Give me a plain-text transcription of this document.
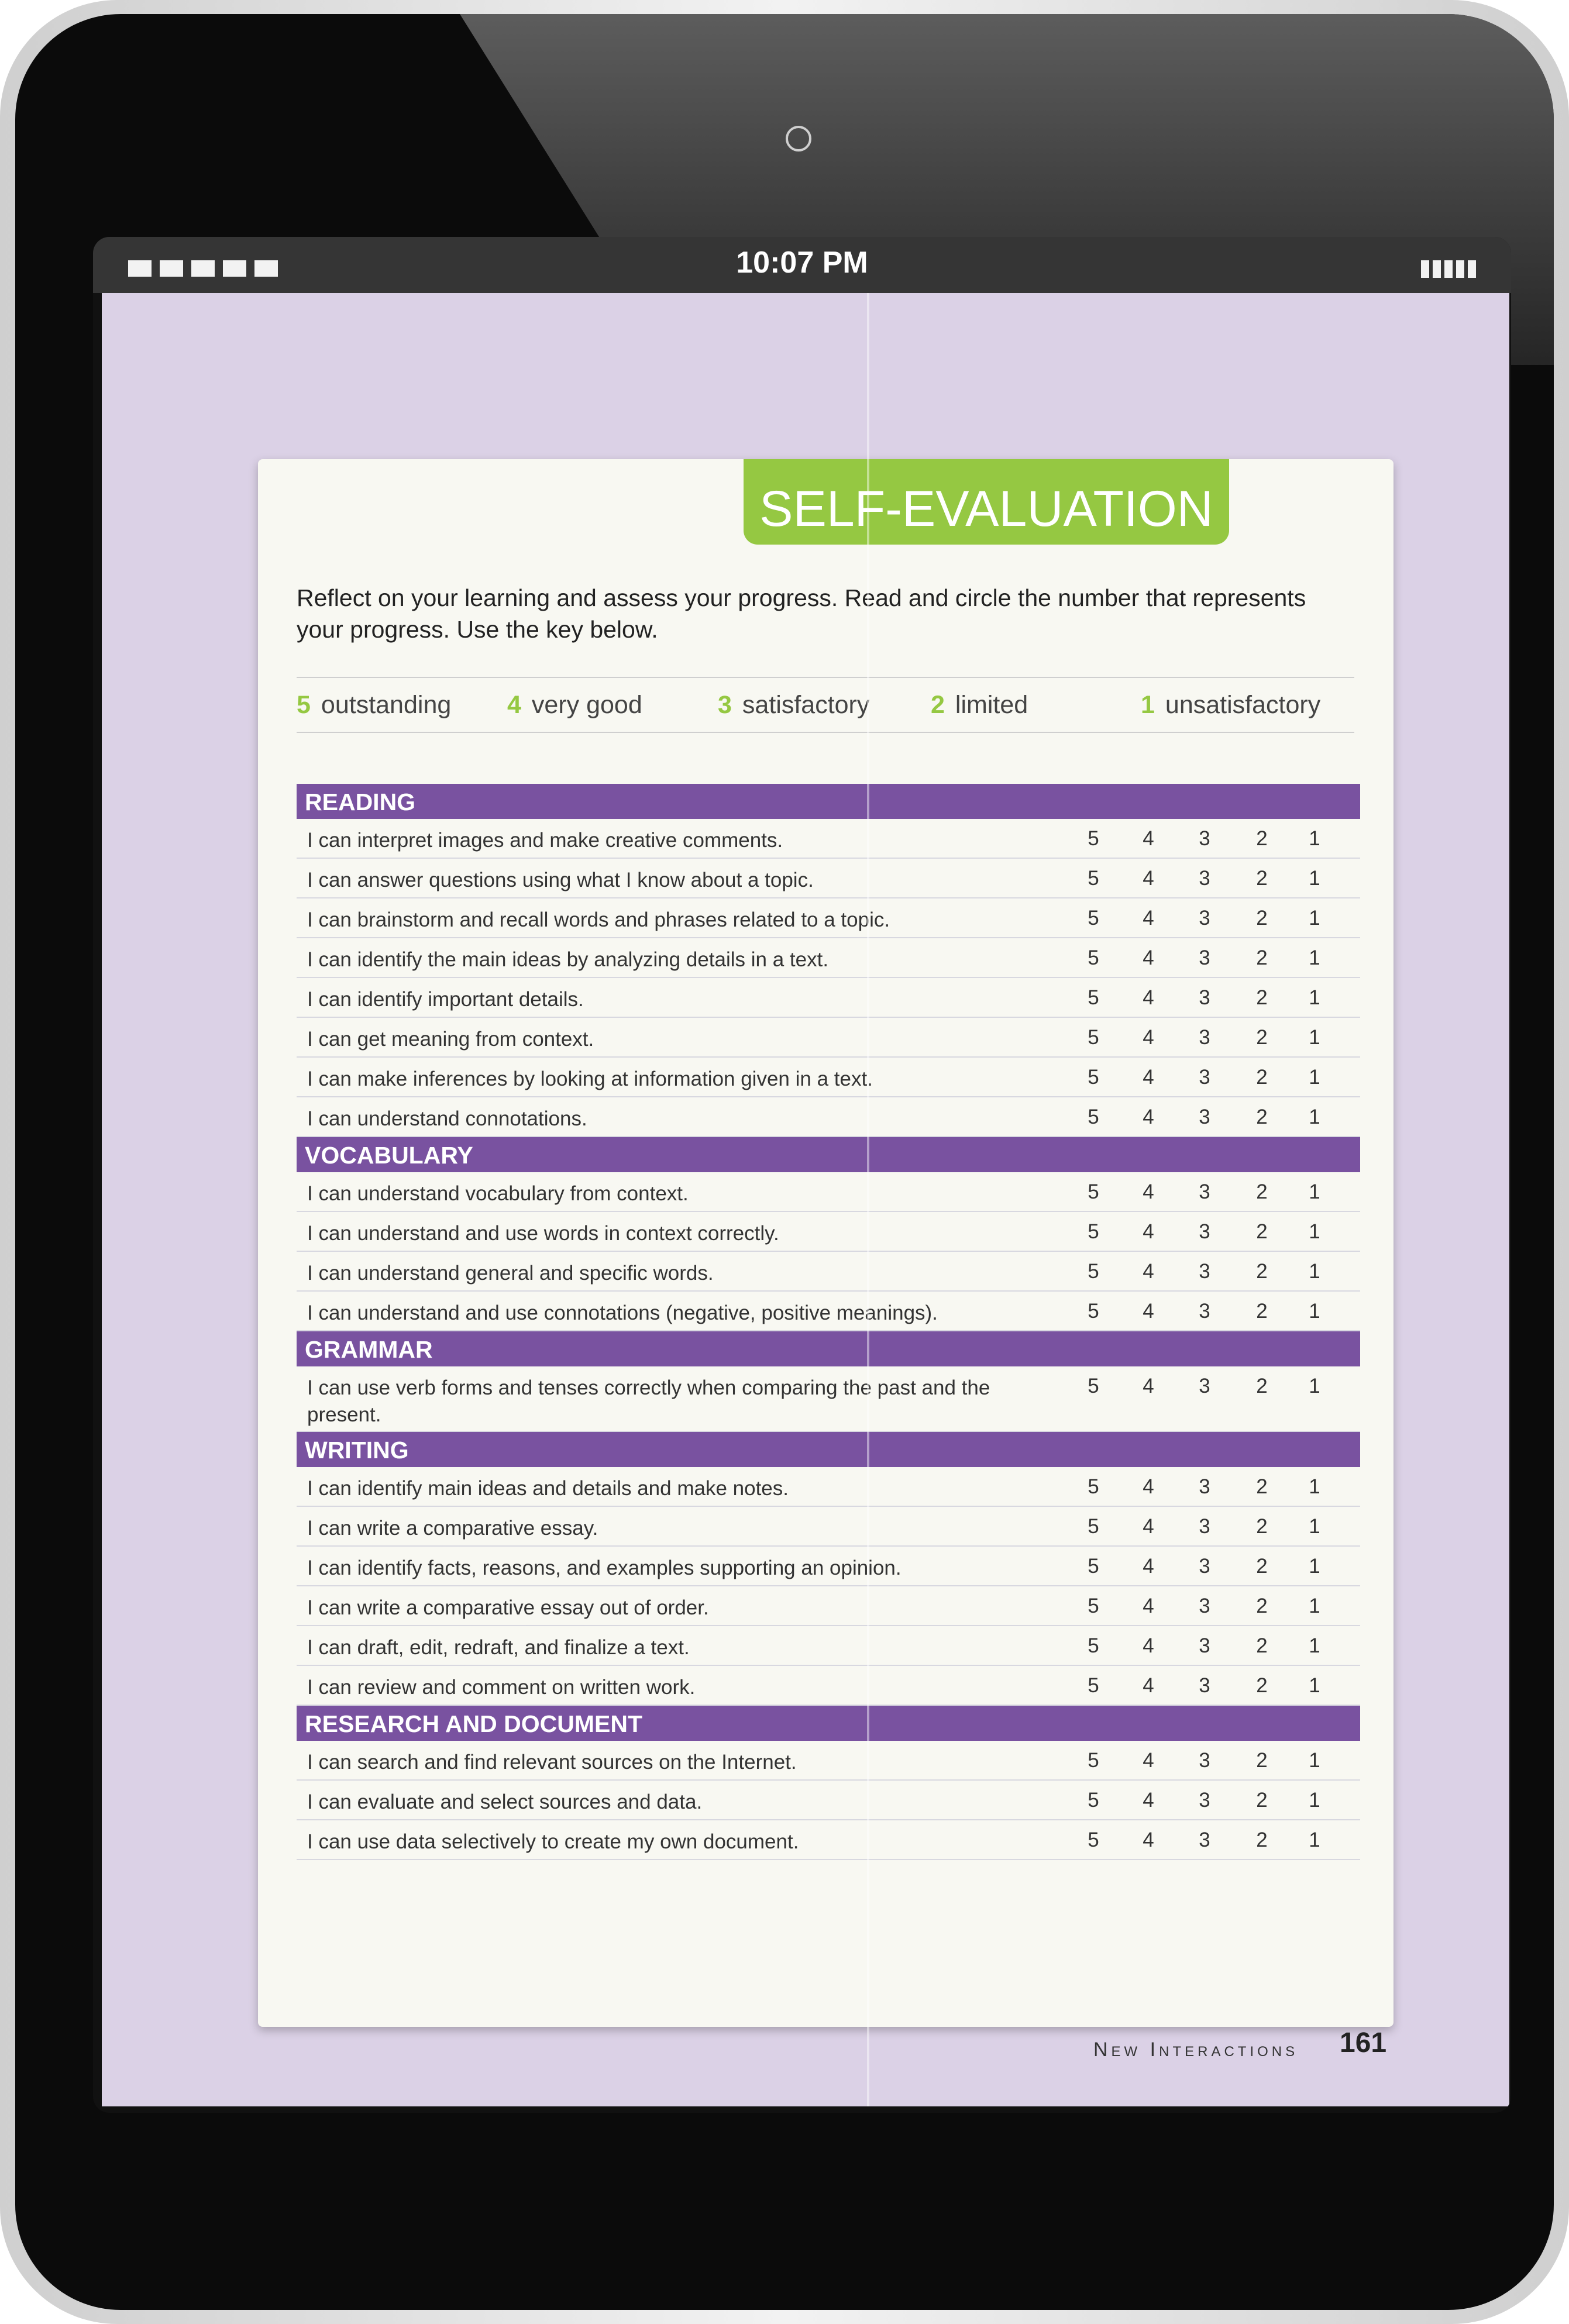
10:07 PM
SELF-EVALUATION
Reflect on your learning and assess your progress. Read and circle the number that represents your progress. Use the key below.
5 outstanding 4 very good	3 satisfactory 2 limited	1 unsatisfactory
READING
I can interpret images and make creative comments.	5 4 3 2 1
I can answer questions using what I know about a topic.	5 4 3 2 1
I can brainstorm and recall words and phrases related to a topic.	5 4 3 2 1
I can identify the main ideas by analyzing details in a text.	5 4 3 2 1
I can identify important details.	5 4 3 2 1
I can get meaning from context.	5 4 3 2 1
I can make inferences by looking at information given in a text.	5 4 3 2 1
I can understand connotations.	5 4 3 2 1
VOCABULARY
I can understand vocabulary from context.	5 4 3 2 1
I can understand and use words in context correctly.	5 4 3 2 1
I can understand general and specific words.	5 4 3 2 1
I can understand and use connotations (negative, positive meanings).	5 4 3 2 1
GRAMMAR
I can use verb forms and tenses correctly when comparing the past and the present.
5 4 3 2 1
WRITING
I can identify main ideas and details and make notes.	5 4 3 2 1
I can write a comparative essay.	5 4 3 2 1
I can identify facts, reasons, and examples supporting an opinion.	5 4 3 2 1
I can write a comparative essay out of order.	5 4 3 2 1
I can draft, edit, redraft, and finalize a text.	5 4 3 2 1
I can review and comment on written work.	5 4 3 2 1
RESEARCH AND DOCUMENT
I can search and find relevant sources on the Internet.	5 4 3 2 1
I can evaluate and select sources and data.	5 4 3 2 1
I can use data selectively to create my own document.	5 4 3 2 1
New Interactions 161
